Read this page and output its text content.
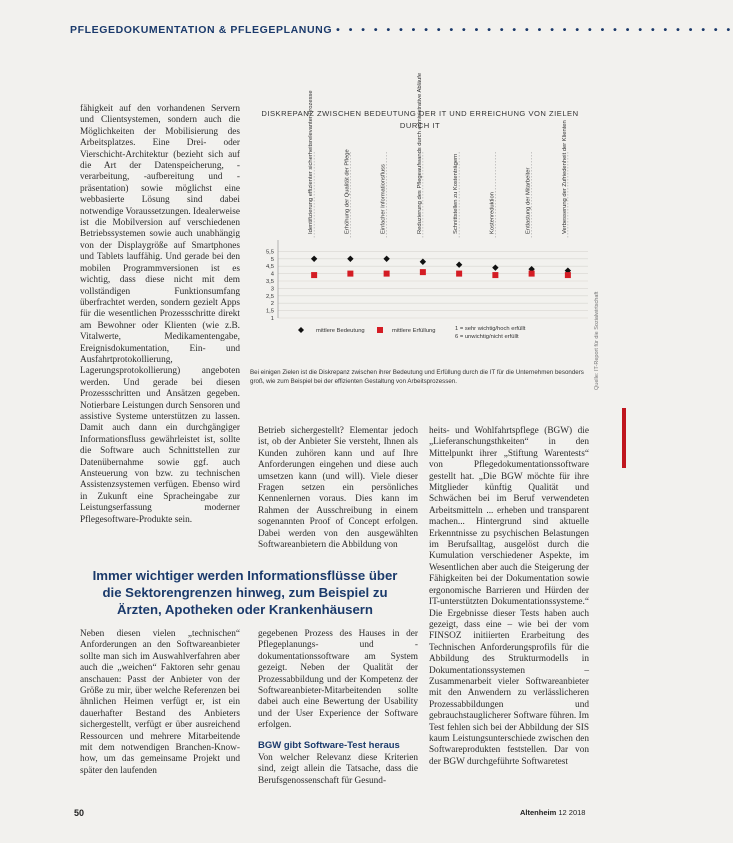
PFLEGEDOKUMENTATION & PFLEGEPLANUNG • • • • • • • • • • • • • • • • • • • • • • • • • • • • • • • •

fähigkeit auf den vorhandenen Servern und Clientsystemen, sondern auch die Möglichkeiten der Mobilisierung des Arbeitsplatzes. Eine Drei- oder Vierschicht-Architektur (bezieht sich auf die Art der Datenspeicherung, -verarbeitung, -aufbereitung und -präsentation) sowie möglichst eine webbasierte Lösung sind dabei notwendige Voraussetzungen. Idealerweise ist die Mobilversion auf verschiedenen Betriebssystemen sowie auch unabhängig von der Displaygröße auf Smartphones und Tablets lauffähig. Und gerade bei den mobilen Programmversionen ist es wichtig, dass diese nicht mit dem vollständigen Funktionsumfang überfrachtet werden, sondern gezielt Apps für die wesentlichen Prozessschritte direkt am Bewohner oder Klienten (wie z.B. Vitalwerte, Medikamentengabe, Ereignisdokumentation, Ein- und Ausfahrtprotokollierung, Lagerungsprotokollierung) angeboten werden. Und gerade bei diesen Prozessschritten und Ansätzen gegeben. Notierbare Leistungen durch Sensoren und assistive Systeme unterstützen zu lassen. Damit auch dann ein durchgängiger Informationsfluss gewährleistet ist, sollte die Software auch Schnittstellen zur Datenübernahme sowie ggf. auch Ansteuerung von bzw. zu technischen Assistenzsystemen verfügen. Ebenso wird in Zukunft eine Spracheingabe zur Leistungserfassung moderner Pflegesoftware-Produkte sein.

DISKREPANZ ZWISCHEN BEDEUTUNG DER IT UND ERREICHUNG VON ZIELEN DURCH IT
1
1,5
2
2,5
3
3,5
4
4,5
5
5,5
Identifizierung effizienter sicherheitsrelevanter Prozesse	Erhöhung der Qualität der Pflege	Einfacher Informationsfluss	Reduzierung des Pflegeaufwands durch administrative Abläufe	Schnittstellen zu Kostenträgern	Kostenreduktion	Entlastung der Mitarbeiter	Verbesserung der Zufriedenheit der Klienten
mittlere Bedeutung	mittlere Erfüllung	1 = sehr wichtig/hoch erfüllt
6 = unwichtig/nicht erfüllt
Bei einigen Zielen ist die Diskrepanz zwischen ihrer Bedeutung und Erfüllung durch die IT für die Unternehmen besonders groß, wie zum Beispiel bei der effizienten Gestaltung von Arbeitsprozessen.	Quelle: IT-Report für die Sozialwirtschaft

Betrieb sichergestellt? Elementar jedoch ist, ob der Anbieter Sie versteht, Ihnen als Kunden zuhören kann und auf Ihre Anforderungen eingehen und diese auch umsetzen kann (und will). Viele dieser Fragen setzen ein persönliches Kennenlernen voraus. Dies kann im Rahmen der Ausschreibung in einem sogenannten Proof of Concept erfolgen. Dabei werden von den ausgewählten Softwareanbietern die Abbildung von

heits- und Wohlfahrtspflege (BGW) die „Lieferanschungsthkeiten“ in den Mittelpunkt ihrer „Stiftung Warentests“ von Pflegedokumentationssoftware gestellt hat. „Die BGW möchte für ihre Mitglieder künftig Qualität und Schwächen bei im Beruf verwendeten Arbeitsmitteln ... erheben und transparent machen... Hintergrund sind aktuelle Erkenntnisse zu psychischen Belastungen im Berufsalltag, ausgelöst durch die Kumulation verschiedener Aspekte, im Wesentlichen aber auch die Steigerung der Fähigkeiten bei der Dokumentation sowie ergonomische Barrieren und Hürden der IT-unterstützten Dokumentationssysteme.“ Die Ergebnisse dieser Tests haben auch gezeigt, dass eine – wie bei der vom FINSOZ initiierten Erarbeitung des Technischen Anforderungsprofils für die Abbildung des Strukturmodells in Dokumentationssystemen – Zusammenarbeit vieler Softwareanbieter mit den Anwendern zu verlässlicheren Prozessabbildungen und gebrauchstauglicherer Software führen. Im Test fehlen sich bei der Abbildung der SIS kaum Leistungsunterschiede zwischen den Softwareprodukten feststellen. Dar von der BGW durchgeführte Softwaretest

Immer wichtiger werden Informationsflüsse über die Sektorengrenzen hinweg, zum Beispiel zu Ärzten, Apotheken oder Krankenhäusern

Neben diesen vielen „technischen“ Anforderungen an den Softwareanbieter sollte man sich im Auswahlverfahren aber auch die „weichen“ Faktoren sehr genau anschauen: Passt der Anbieter von der Größe zu mir, über welche Referenzen bei ähnlichen Heimen verfügt er, ist ein dauerhafter Bestand des Anbieters sichergestellt, verfügt er über ausreichend Ressourcen und mehrere Mitarbeitende mit dem notwendigen Branchen-Know-how, um das gemeinsame Projekt und später den laufenden

gegebenen Prozess des Hauses in der Pflegeplanungs- und -dokumentationssoftware am System gezeigt. Neben der Qualität der Prozessabbildung und der Kompetenz der Softwareanbieter-Mitarbeitenden sollte dabei auch eine Bewertung der Usability und der User Experience der Software erfolgen.

BGW gibt Software-Test heraus

Von welcher Relevanz diese Kriterien sind, zeigt allein die Tatsache, dass die Berufsgenossenschaft für Gesund-

50	Altenheim 12 2018
